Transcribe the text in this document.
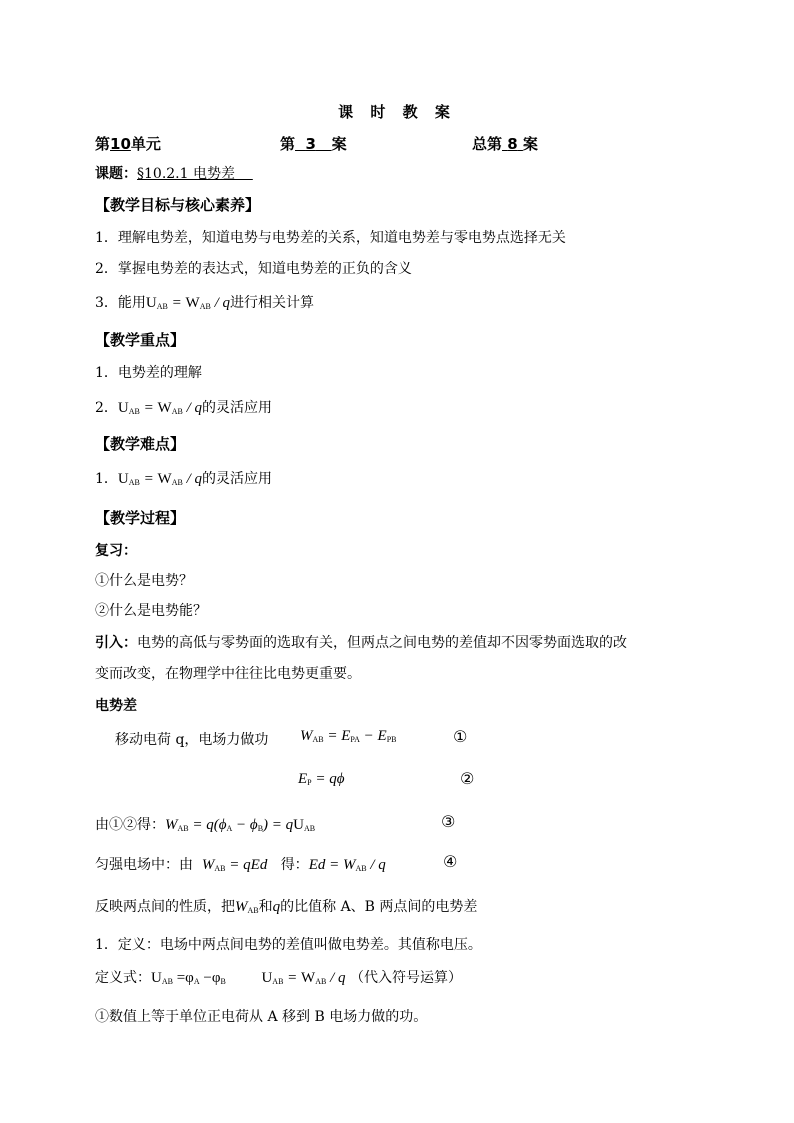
课 时 教 案
第10单元	第 3 案	总第 8 案
课题：§10.2.1 电势差
【教学目标与核心素养】
1．理解电势差，知道电势与电势差的关系，知道电势差与零电势点选择无关
2．掌握电势差的表达式，知道电势差的正负的含义
3．能用$U_{AB} = W_{AB} / q$进行相关计算
【教学重点】
1．电势差的理解
2．$U_{AB} = W_{AB} / q$的灵活应用
【教学难点】
1．$U_{AB} = W_{AB} / q$的灵活应用
【教学过程】
复习：
①什么是电势？
②什么是电势能？
引入：电势的高低与零势面的选取有关，但两点之间电势的差值却不因零势面选取的改
变而改变，在物理学中往往比电势更重要。
电势差
移动电荷 q，电场力做功 $W_{AB} = E_{PA} - E_{PB}$	①
$E_P = q\phi$	②
由①②得：$W_{AB} = q(\phi_A - \phi_B) = qU_{AB}$	③
匀强电场中：由 $W_{AB}$ = qEd 得：$Ed = W_{AB} / q$	④
反映两点间的性质，把$W_{AB}$和q的比值称 A、B 两点间的电势差
1．定义：电场中两点间电势的差值叫做电势差。其值称电压。
定义式：$U_{AB} =\varphi_A -\varphi_B$ $U_{AB} = W_{AB} / q$ （代入符号运算）
①数值上等于单位正电荷从 A 移到 B 电场力做的功。
